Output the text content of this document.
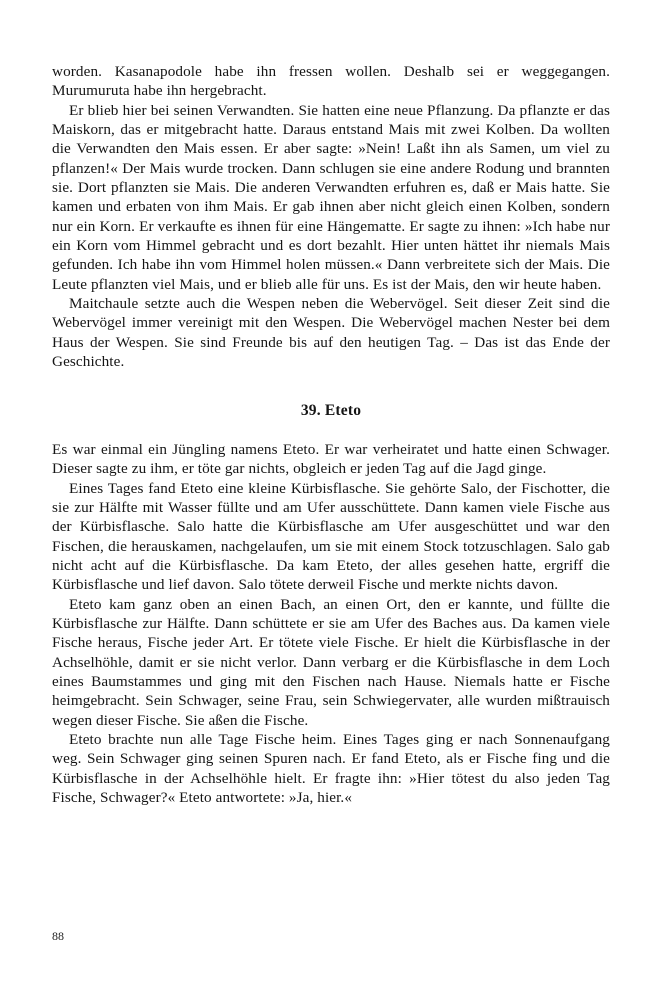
worden. Kasanapodole habe ihn fressen wollen. Deshalb sei er weggegangen. Murumuruta habe ihn hergebracht.

Er blieb hier bei seinen Verwandten. Sie hatten eine neue Pflanzung. Da pflanzte er das Maiskorn, das er mitgebracht hatte. Daraus entstand Mais mit zwei Kolben. Da wollten die Verwandten den Mais essen. Er aber sagte: »Nein! Laßt ihn als Samen, um viel zu pflanzen!« Der Mais wurde trocken. Dann schlugen sie eine andere Rodung und brannten sie. Dort pflanzten sie Mais. Die anderen Verwandten erfuhren es, daß er Mais hatte. Sie kamen und erbaten von ihm Mais. Er gab ihnen aber nicht gleich einen Kolben, sondern nur ein Korn. Er verkaufte es ihnen für eine Hängematte. Er sagte zu ihnen: »Ich habe nur ein Korn vom Himmel gebracht und es dort bezahlt. Hier unten hättet ihr niemals Mais gefunden. Ich habe ihn vom Himmel holen müssen.« Dann verbreitete sich der Mais. Die Leute pflanzten viel Mais, und er blieb alle für uns. Es ist der Mais, den wir heute haben.

Maitchaule setzte auch die Wespen neben die Webervögel. Seit dieser Zeit sind die Webervögel immer vereinigt mit den Wespen. Die Webervögel machen Nester bei dem Haus der Wespen. Sie sind Freunde bis auf den heutigen Tag. – Das ist das Ende der Geschichte.

39. Eteto

Es war einmal ein Jüngling namens Eteto. Er war verheiratet und hatte einen Schwager. Dieser sagte zu ihm, er töte gar nichts, obgleich er jeden Tag auf die Jagd ginge.

Eines Tages fand Eteto eine kleine Kürbisflasche. Sie gehörte Salo, der Fischotter, die sie zur Hälfte mit Wasser füllte und am Ufer ausschüttete. Dann kamen viele Fische aus der Kürbisflasche. Salo hatte die Kürbisflasche am Ufer ausgeschüttet und war den Fischen, die herauskamen, nachgelaufen, um sie mit einem Stock totzuschlagen. Salo gab nicht acht auf die Kürbisflasche. Da kam Eteto, der alles gesehen hatte, ergriff die Kürbisflasche und lief davon. Salo tötete derweil Fische und merkte nichts davon.

Eteto kam ganz oben an einen Bach, an einen Ort, den er kannte, und füllte die Kürbisflasche zur Hälfte. Dann schüttete er sie am Ufer des Baches aus. Da kamen viele Fische heraus, Fische jeder Art. Er tötete viele Fische. Er hielt die Kürbisflasche in der Achselhöhle, damit er sie nicht verlor. Dann verbarg er die Kürbisflasche in dem Loch eines Baumstammes und ging mit den Fischen nach Hause. Niemals hatte er Fische heimgebracht. Sein Schwager, seine Frau, sein Schwiegervater, alle wurden mißtrauisch wegen dieser Fische. Sie aßen die Fische.

Eteto brachte nun alle Tage Fische heim. Eines Tages ging er nach Sonnenaufgang weg. Sein Schwager ging seinen Spuren nach. Er fand Eteto, als er Fische fing und die Kürbisflasche in der Achselhöhle hielt. Er fragte ihn: »Hier tötest du also jeden Tag Fische, Schwager?« Eteto antwortete: »Ja, hier.«

88
